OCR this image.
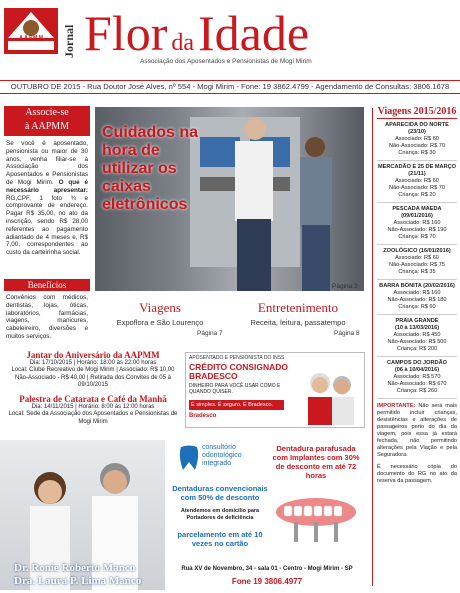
A.A.P.M.M	Jornal Flor da Idade
Associação dos Aposentados e Pensionistas de Mogi Mirim
OUTUBRO DE 2015 - Rua Doutor José Alves, nº 554 - Mogi Mirim - Fone: 19 3862.4799 - Agendamento de Consultas: 3806.1678
Associe-se
à AAPMM
Se você é aposentado, pensionista ou maior de 30 anos, venha filiar-se à Associação dos Aposentados e Pensionistas de Mogi Mirim. O que é necessário apresentar: RG,CPF, 1 foto ¾ e comprovante de endereço. Pagar R$ 35,00, no ato da inscrição, sendo R$ 28,00 referentes ao pagamento adiantado de 4 meses e, R$ 7,00, correspondentes ao custo da carteirinha social.
Benefícios
Convênios com médicos, dentistas, lojas, óticas, laboratórios, farmácias, viagens, manicures, cabeleireiro, diversões e muitos serviços.
Cuidados na hora de utilizar os caixas eletrônicos
Página 3
Viagens
Expoflora e São Lourenço
Página 7
Entretenimento
Receita, leitura, passatempo
Página 8
Jantar do Aniversário da AAPMM
Dia: 17/10/2015 | Horário: 18:00 às 22:00 horas
Local: Clube Recreativo de Mogi Mirim | Associado: R$ 10,00
Não-Associado - R$ 40,00 | Retirada dos Convites de 05 à 09/10/2015
Palestra de Catarata e Café da Manhã
Dia: 14/11/2015 | Horário: 8:00 às 12:00 horas
Local: Sede da Associação dos Aposentados e Pensionistas de Mogi Mirim
APOSENTADO E PENSIONISTA DO INSS
CRÉDITO CONSIGNADO BRADESCO
DINHEIRO PARA VOCÊ USAR COMO E QUANDO QUISER.
É simples. É seguro. É Bradesco.
Bradesco
Dr. Ronie Roberto Manco
Dra. Laura P. Lima Manco
consultório odontológico integrado
Dentaduras convencionais com 50% de desconto
Atendemos em domicílio para Portadores de deficiência
parcelamento em até 10 vezes no cartão
Dentadura parafusada com Implantes com 30% de desconto em até 72 horas
Rua XV de Novembro, 34 - sala 01 - Centro - Mogi Mirim - SP
Fone 19 3806.4977
Viagens 2015/2016
APARECIDA DO NORTE
(23/10)
Associado: R$ 60
Não-Associado: R$ 70
Criança: R$ 30
MERCADÃO E 25 DE MARÇO
(21/11)
Associado: R$ 60
Não-Associado: R$ 70
Criança: R$ 20
PESCADA MAEDA
(09/01/2016)
Associado: R$ 160
Não-Associado: R$ 190
Criança: R$ 70
ZOOLÓGICO (16/01/2016)
Associado: R$ 60
Não-Associado: R$ 75
Criança: R$ 35
BARRA BONITA (20/02/2016)
Associado: R$ 160
Não-Associado: R$ 180
Criança: R$ 60
PRAIA GRANDE
(10 à 13/03/2016)
Associado: R$ 450
Não-Associado: R$ 500
Criança: R$ 200
CAMPOS DO JORDÃO
(06 à 10/04/2016)
Associado: R$ 570
Não-Associado: R$ 670
Criança: R$ 260
IMPORTANTE: Não será mais permitido incluir crianças, desistências e alterações de passageiros perto do dia da viagem, pois essa já estará fechada, não permitindo alterações pela Viação e pela Seguradora.
É necessário cópia do documento do RG no ato da reserva da passagem.
